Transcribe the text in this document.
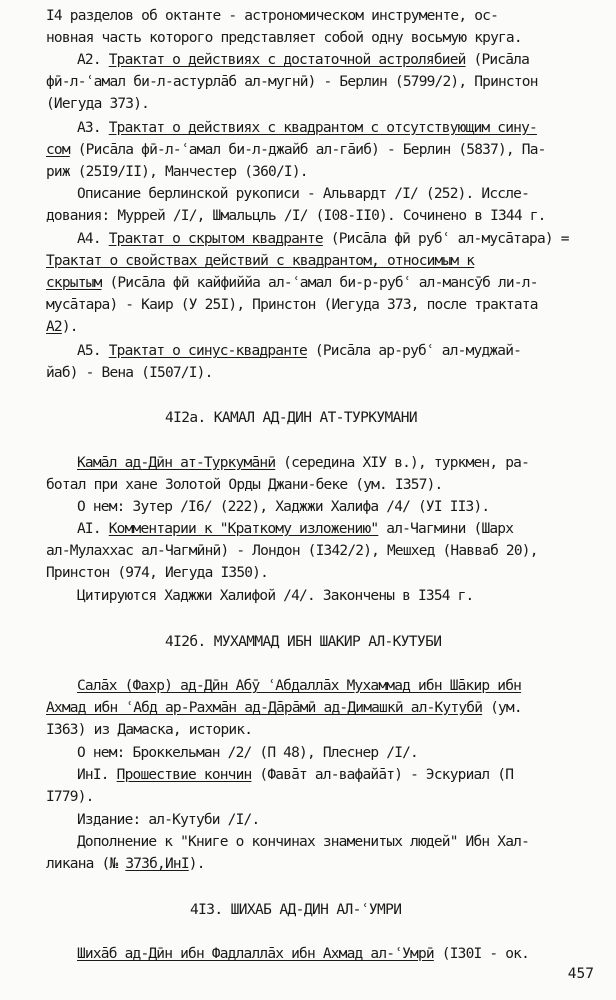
I4 разделов об октанте - астрономическом инструменте, ос-
новная часть которого представляет собой одну восьмую круга.
A2. Трактат о действиях с достаточной астролябией (Рисāла
фӣ-л-ʿамал би-л-астурлāб ал-мугнӣ) - Берлин (5799/2), Принстон
(Иегуда 373).
A3. Трактат о действиях с квадрантом с отсутствующим сину-
сом (Рисāла фӣ-л-ʿамал би-л-джайб ал-гāиб) - Берлин (5837), Па-
риж (25I9/II), Манчестер (360/I).
Описание берлинской рукописи - Альвардт /I/ (252). Иссле-
дования: Муррей /I/, Шмальцль /I/ (I08-II0). Сочинено в I344 г.
A4. Трактат о скрытом квадранте (Рисāла фӣ рубʿ ал-мусāтара) =
Трактат о свойствах действий с квадрантом, относимым к
скрытым (Рисāла фӣ кайфиййа ал-ʿамал би-р-рубʿ ал-мансӯб ли-л-
мусāтара) - Каир (У 25I), Принстон (Иегуда 373, после трактата
A2).
A5. Трактат о синус-квадранте (Рисāла ар-рубʿ ал-муджай-
йаб) - Вена (I507/I).
4I2а. КАМАЛ АД-ДИН АТ-ТУРКУМАНИ
Камāл ад-Дӣн ат-Туркумāнӣ (середина XIУ в.), туркмен, ра-
ботал при хане Золотой Орды Джани-беке (ум. I357).
О нем: Зутер /I6/ (222), Хаджжи Халифа /4/ (УI II3).
AI. Комментарии к "Краткому изложению" ал-Чагмини (Шарх
ал-Мулаххас ал-Чагмӣнӣ) - Лондон (I342/2), Мешхед (Навваб 20),
Принстон (974, Иегуда I350).
Цитируются Хаджжи Халифой /4/. Закончены в I354 г.
4I2б. МУХАММАД ИБН ШАКИР АЛ-КУТУБИ
Салāх (Фахр) ад-Дӣн Абӯ ʿАбдаллāх Мухаммад ибн Шāкир ибн
Ахмад ибн ʿАбд ар-Рахмāн ад-Дāрāмӣ ад-Димашкӣ ал-Кутубӣ (ум.
I363) из Дамаска, историк.
О нем: Броккельман /2/ (П 48), Плеснер /I/.
ИнI. Прошествие кончин (Фавāт ал-вафайāт) - Эскуриал (П
I779).
Издание: ал-Кутуби /I/.
Дополнение к "Книге о кончинах знаменитых людей" Ибн Хал-
ликана (№ 373б,ИнI).
4I3. ШИХАБ АД-ДИН АЛ-ʿУМРИ
Шихāб ад-Дӣн ибн Фадлаллāх ибн Ахмад ал-ʿУмрӣ (I30I - ок.
457
